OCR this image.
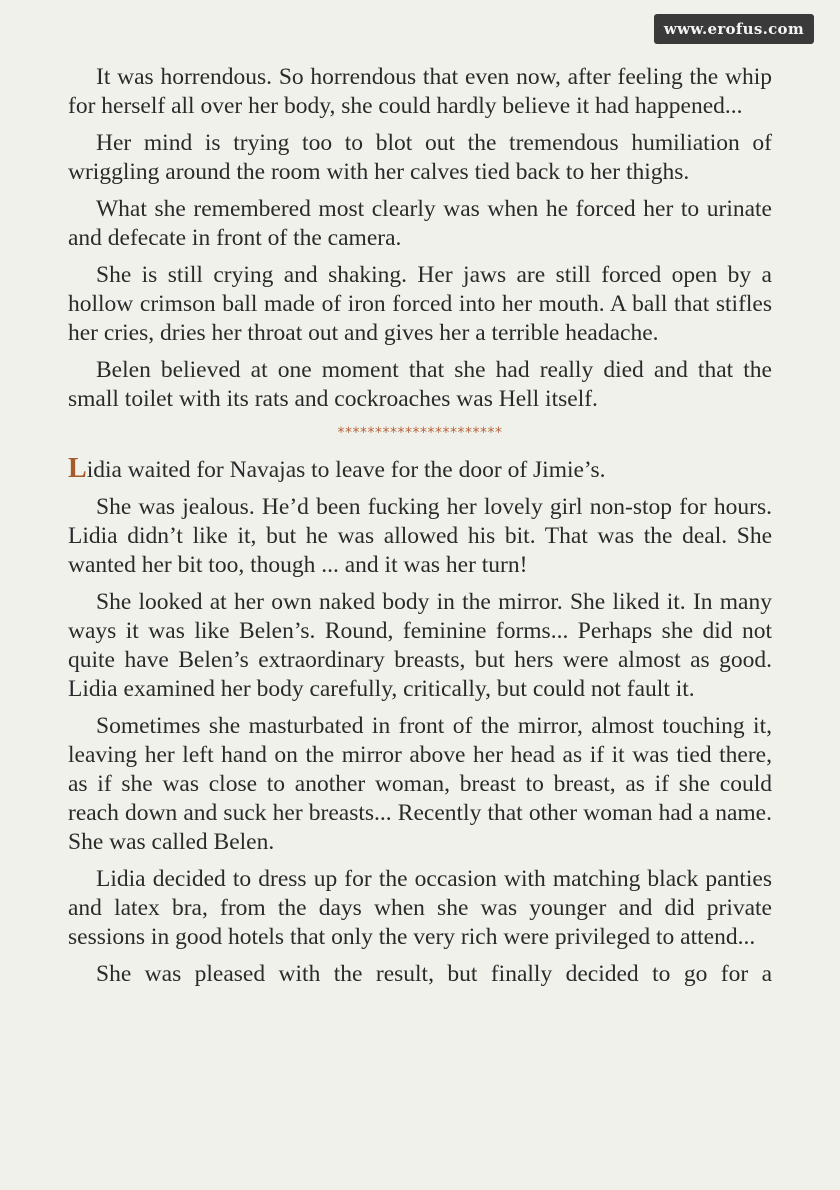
www.erofus.com

It was horrendous. So horrendous that even now, after feeling the whip for herself all over her body, she could hardly believe it had happened...

Her mind is trying too to blot out the tremendous humiliation of wriggling around the room with her calves tied back to her thighs.

What she remembered most clearly was when he forced her to urinate and defecate in front of the camera.

She is still crying and shaking. Her jaws are still forced open by a hollow crimson ball made of iron forced into her mouth. A ball that stifles her cries, dries her throat out and gives her a terrible headache.

Belen believed at one moment that she had really died and that the small toilet with its rats and cockroaches was Hell itself.

**********************

Lidia waited for Navajas to leave for the door of Jimie’s.

She was jealous. He’d been fucking her lovely girl non-stop for hours. Lidia didn’t like it, but he was allowed his bit. That was the deal. She wanted her bit too, though ... and it was her turn!

She looked at her own naked body in the mirror. She liked it. In many ways it was like Belen’s. Round, feminine forms... Perhaps she did not quite have Belen’s extraordinary breasts, but hers were almost as good. Lidia examined her body carefully, critically, but could not fault it.

Sometimes she masturbated in front of the mirror, almost touching it, leaving her left hand on the mirror above her head as if it was tied there, as if she was close to another woman, breast to breast, as if she could reach down and suck her breasts... Recently that other woman had a name. She was called Belen.

Lidia decided to dress up for the occasion with matching black panties and latex bra, from the days when she was younger and did private sessions in good hotels that only the very rich were privileged to attend...

She was pleased with the result, but finally decided to go for a
